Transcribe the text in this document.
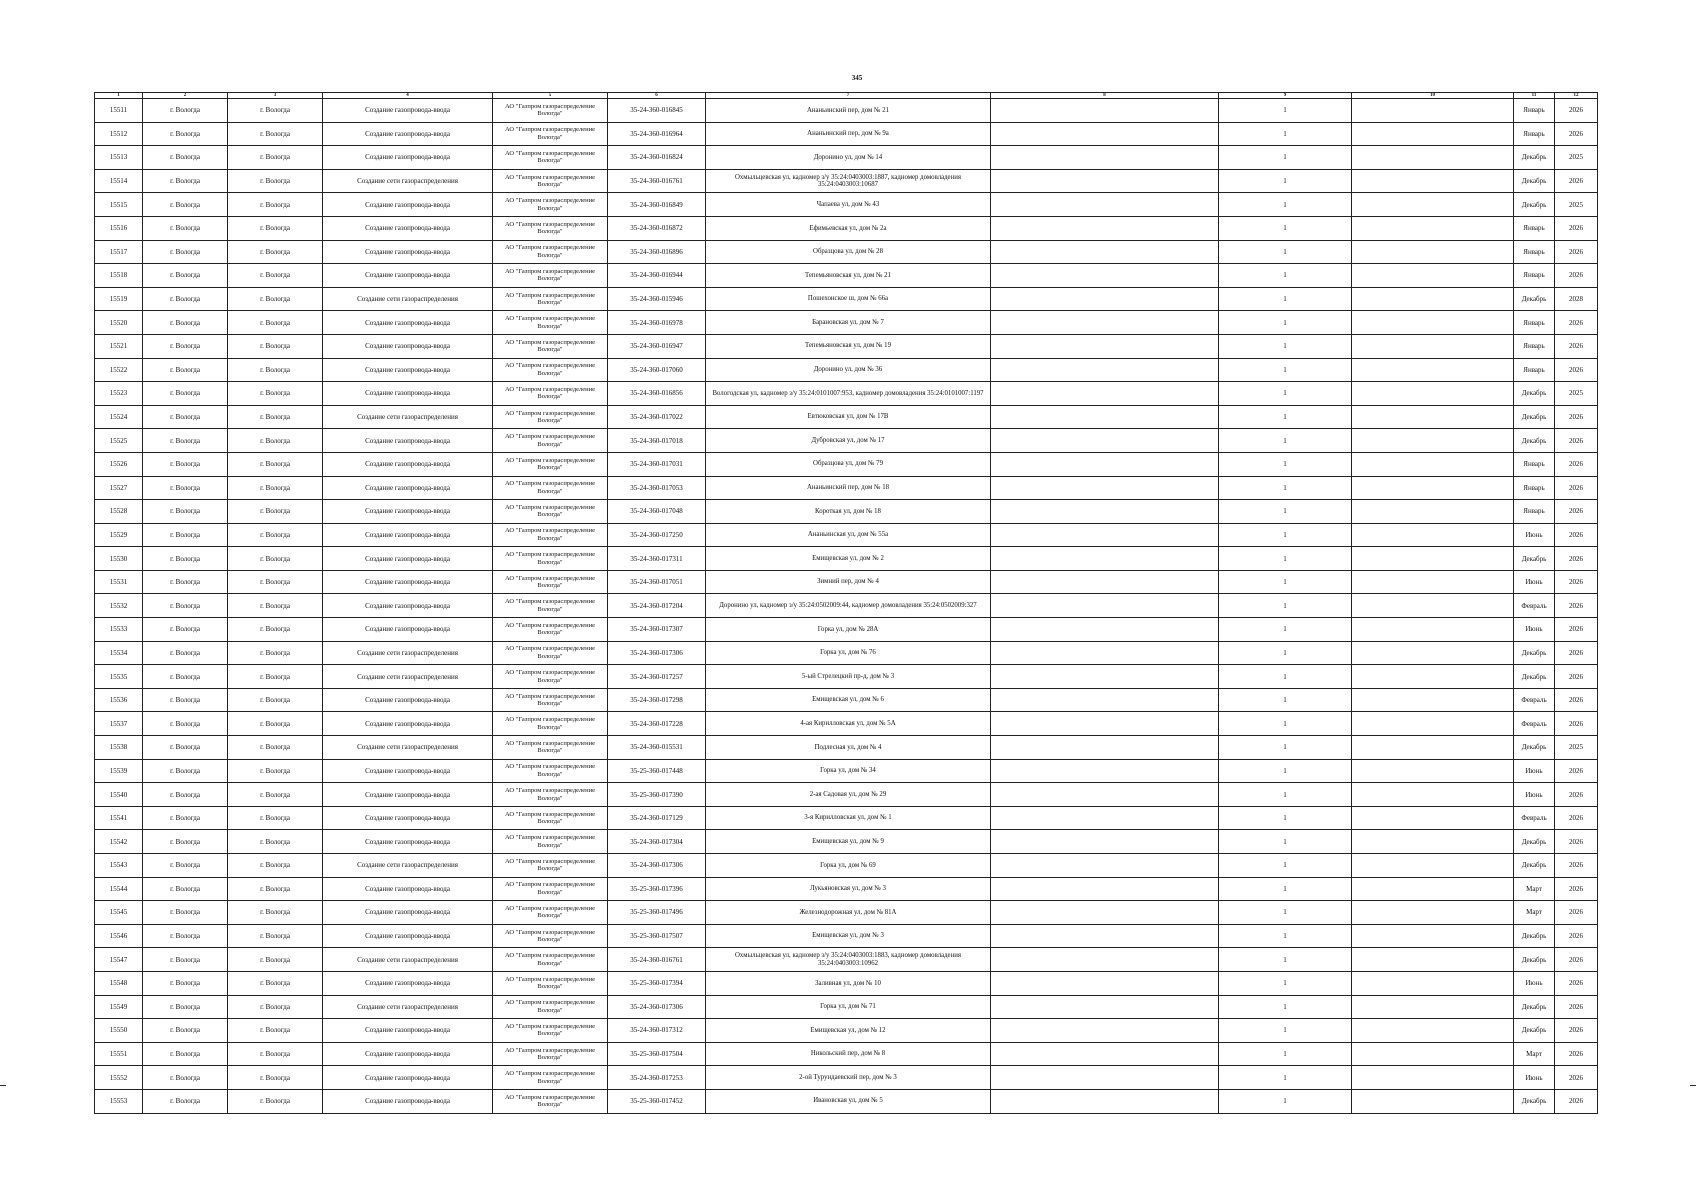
345
1	2	3	4	5	6	7	8	9	10	11	12
15511	г. Вологда	г. Вологда	Создание газопровода-ввода	АО "Газпром газораспределение Вологда"	35-24-360-016845	Ананьинский пер, дом № 21		1		Январь	2026
15512	г. Вологда	г. Вологда	Создание газопровода-ввода	АО "Газпром газораспределение Вологда"	35-24-360-016964	Ананьинский пер, дом № 9а		1		Январь	2026
15513	г. Вологда	г. Вологда	Создание газопровода-ввода	АО "Газпром газораспределение Вологда"	35-24-360-016824	Доронино ул, дом № 14		1		Декабрь	2025
15514	г. Вологда	г. Вологда	Создание сети газораспределения	АО "Газпром газораспределение Вологда"	35-24-360-016761	Охмыльцевская ул, кадномер з/у 35:24:0403003:1887, кадномер домовладения 35:24:0403003:10687		1		Декабрь	2026
15515	г. Вологда	г. Вологда	Создание газопровода-ввода	АО "Газпром газораспределение Вологда"	35-24-360-016849	Чапаева ул, дом № 43		1		Декабрь	2025
15516	г. Вологда	г. Вологда	Создание газопровода-ввода	АО "Газпром газораспределение Вологда"	35-24-360-016872	Ефимьевская ул, дом № 2а		1		Январь	2026
15517	г. Вологда	г. Вологда	Создание газопровода-ввода	АО "Газпром газораспределение Вологда"	35-24-360-016896	Образцова ул, дом № 28		1		Январь	2026
15518	г. Вологда	г. Вологда	Создание газопровода-ввода	АО "Газпром газораспределение Вологда"	35-24-360-016944	Тепемьяновская ул, дом № 21		1		Январь	2026
15519	г. Вологда	г. Вологда	Создание сети газораспределения	АО "Газпром газораспределение Вологда"	35-24-360-015946	Пошехонское ш, дом № 66а		1		Декабрь	2028
15520	г. Вологда	г. Вологда	Создание газопровода-ввода	АО "Газпром газораспределение Вологда"	35-24-360-016978	Барановская ул, дом № 7		1		Январь	2026
15521	г. Вологда	г. Вологда	Создание газопровода-ввода	АО "Газпром газораспределение Вологда"	35-24-360-016947	Тепемьяновская ул, дом № 19		1		Январь	2026
15522	г. Вологда	г. Вологда	Создание газопровода-ввода	АО "Газпром газораспределение Вологда"	35-24-360-017060	Доронино ул, дом № 36		1		Январь	2026
15523	г. Вологда	г. Вологда	Создание газопровода-ввода	АО "Газпром газораспределение Вологда"	35-24-360-016856	Вологодская ул, кадномер з/у 35:24:0101007:953, кадномер домовладения 35:24:0101007:1197		1		Декабрь	2025
15524	г. Вологда	г. Вологда	Создание сети газораспределения	АО "Газпром газораспределение Вологда"	35-24-360-017022	Евтюковская ул, дом № 17В		1		Декабрь	2026
15525	г. Вологда	г. Вологда	Создание газопровода-ввода	АО "Газпром газораспределение Вологда"	35-24-360-017018	Дубровская ул, дом № 17		1		Декабрь	2026
15526	г. Вологда	г. Вологда	Создание газопровода-ввода	АО "Газпром газораспределение Вологда"	35-24-360-017031	Образцова ул, дом № 79		1		Январь	2026
15527	г. Вологда	г. Вологда	Создание газопровода-ввода	АО "Газпром газораспределение Вологда"	35-24-360-017053	Ананьинский пер, дом № 18		1		Январь	2026
15528	г. Вологда	г. Вологда	Создание газопровода-ввода	АО "Газпром газораспределение Вологда"	35-24-360-017048	Короткая ул, дом № 18		1		Январь	2026
15529	г. Вологда	г. Вологда	Создание газопровода-ввода	АО "Газпром газораспределение Вологда"	35-24-360-017250	Ананьинская ул, дом № 55а		1		Июнь	2026
15530	г. Вологда	г. Вологда	Создание газопровода-ввода	АО "Газпром газораспределение Вологда"	35-24-360-017311	Емищевская ул, дом № 2		1		Декабрь	2026
15531	г. Вологда	г. Вологда	Создание газопровода-ввода	АО "Газпром газораспределение Вологда"	35-24-360-017051	Зимний пер, дом № 4		1		Июнь	2026
15532	г. Вологда	г. Вологда	Создание газопровода-ввода	АО "Газпром газораспределение Вологда"	35-24-360-017204	Доронино ул, кадномер з/у 35:24:0502009:44, кадномер домовладения 35:24:0502009:327		1		Февраль	2026
15533	г. Вологда	г. Вологда	Создание газопровода-ввода	АО "Газпром газораспределение Вологда"	35-24-360-017307	Горка ул, дом № 28А		1		Июнь	2026
15534	г. Вологда	г. Вологда	Создание сети газораспределения	АО "Газпром газораспределение Вологда"	35-24-360-017306	Горка ул, дом № 76		1		Декабрь	2026
15535	г. Вологда	г. Вологда	Создание сети газораспределения	АО "Газпром газораспределение Вологда"	35-24-360-017257	5-ый Стрелецкий пр-д, дом № 3		1		Декабрь	2026
15536	г. Вологда	г. Вологда	Создание газопровода-ввода	АО "Газпром газораспределение Вологда"	35-24-360-017298	Емищевская ул, дом № 6		1		Февраль	2026
15537	г. Вологда	г. Вологда	Создание газопровода-ввода	АО "Газпром газораспределение Вологда"	35-24-360-017228	4-ая Кирилловская ул, дом № 5А		1		Февраль	2026
15538	г. Вологда	г. Вологда	Создание сети газораспределения	АО "Газпром газораспределение Вологда"	35-24-360-015531	Подлесная ул, дом № 4		1		Декабрь	2025
15539	г. Вологда	г. Вологда	Создание газопровода-ввода	АО "Газпром газораспределение Вологда"	35-25-360-017448	Горка ул, дом № 34		1		Июнь	2026
15540	г. Вологда	г. Вологда	Создание газопровода-ввода	АО "Газпром газораспределение Вологда"	35-25-360-017390	2-ая Садовая ул, дом № 29		1		Июнь	2026
15541	г. Вологда	г. Вологда	Создание газопровода-ввода	АО "Газпром газораспределение Вологда"	35-24-360-017129	3-я Кирилловская ул, дом № 1		1		Февраль	2026
15542	г. Вологда	г. Вологда	Создание газопровода-ввода	АО "Газпром газораспределение Вологда"	35-24-360-017304	Емищевская ул, дом № 9		1		Декабрь	2026
15543	г. Вологда	г. Вологда	Создание сети газораспределения	АО "Газпром газораспределение Вологда"	35-24-360-017306	Горка ул, дом № 69		1		Декабрь	2026
15544	г. Вологда	г. Вологда	Создание газопровода-ввода	АО "Газпром газораспределение Вологда"	35-25-360-017396	Лукьяновская ул, дом № 3		1		Март	2026
15545	г. Вологда	г. Вологда	Создание газопровода-ввода	АО "Газпром газораспределение Вологда"	35-25-360-017496	Железнодорожная ул, дом № 81А		1		Март	2026
15546	г. Вологда	г. Вологда	Создание газопровода-ввода	АО "Газпром газораспределение Вологда"	35-25-360-017507	Емищевская ул, дом № 3		1		Декабрь	2026
15547	г. Вологда	г. Вологда	Создание сети газораспределения	АО "Газпром газораспределение Вологда"	35-24-360-016761	Охмыльцевская ул, кадномер з/у 35:24:0403003:1883, кадномер домовладения 35:24:0403003:10962		1		Декабрь	2026
15548	г. Вологда	г. Вологда	Создание газопровода-ввода	АО "Газпром газораспределение Вологда"	35-25-360-017394	Заливная ул, дом № 10		1		Июнь	2026
15549	г. Вологда	г. Вологда	Создание сети газораспределения	АО "Газпром газораспределение Вологда"	35-24-360-017306	Горка ул, дом № 71		1		Декабрь	2026
15550	г. Вологда	г. Вологда	Создание газопровода-ввода	АО "Газпром газораспределение Вологда"	35-24-360-017312	Емищевская ул, дом № 12		1		Декабрь	2026
15551	г. Вологда	г. Вологда	Создание газопровода-ввода	АО "Газпром газораспределение Вологда"	35-25-360-017504	Никольский пер, дом № 8		1		Март	2026
15552	г. Вологда	г. Вологда	Создание газопровода-ввода	АО "Газпром газораспределение Вологда"	35-24-360-017253	2-ой Турундаевский пер, дом № 3		1		Июнь	2026
15553	г. Вологда	г. Вологда	Создание газопровода-ввода	АО "Газпром газораспределение Вологда"	35-25-360-017452	Ивановская ул, дом № 5		1		Декабрь	2026
